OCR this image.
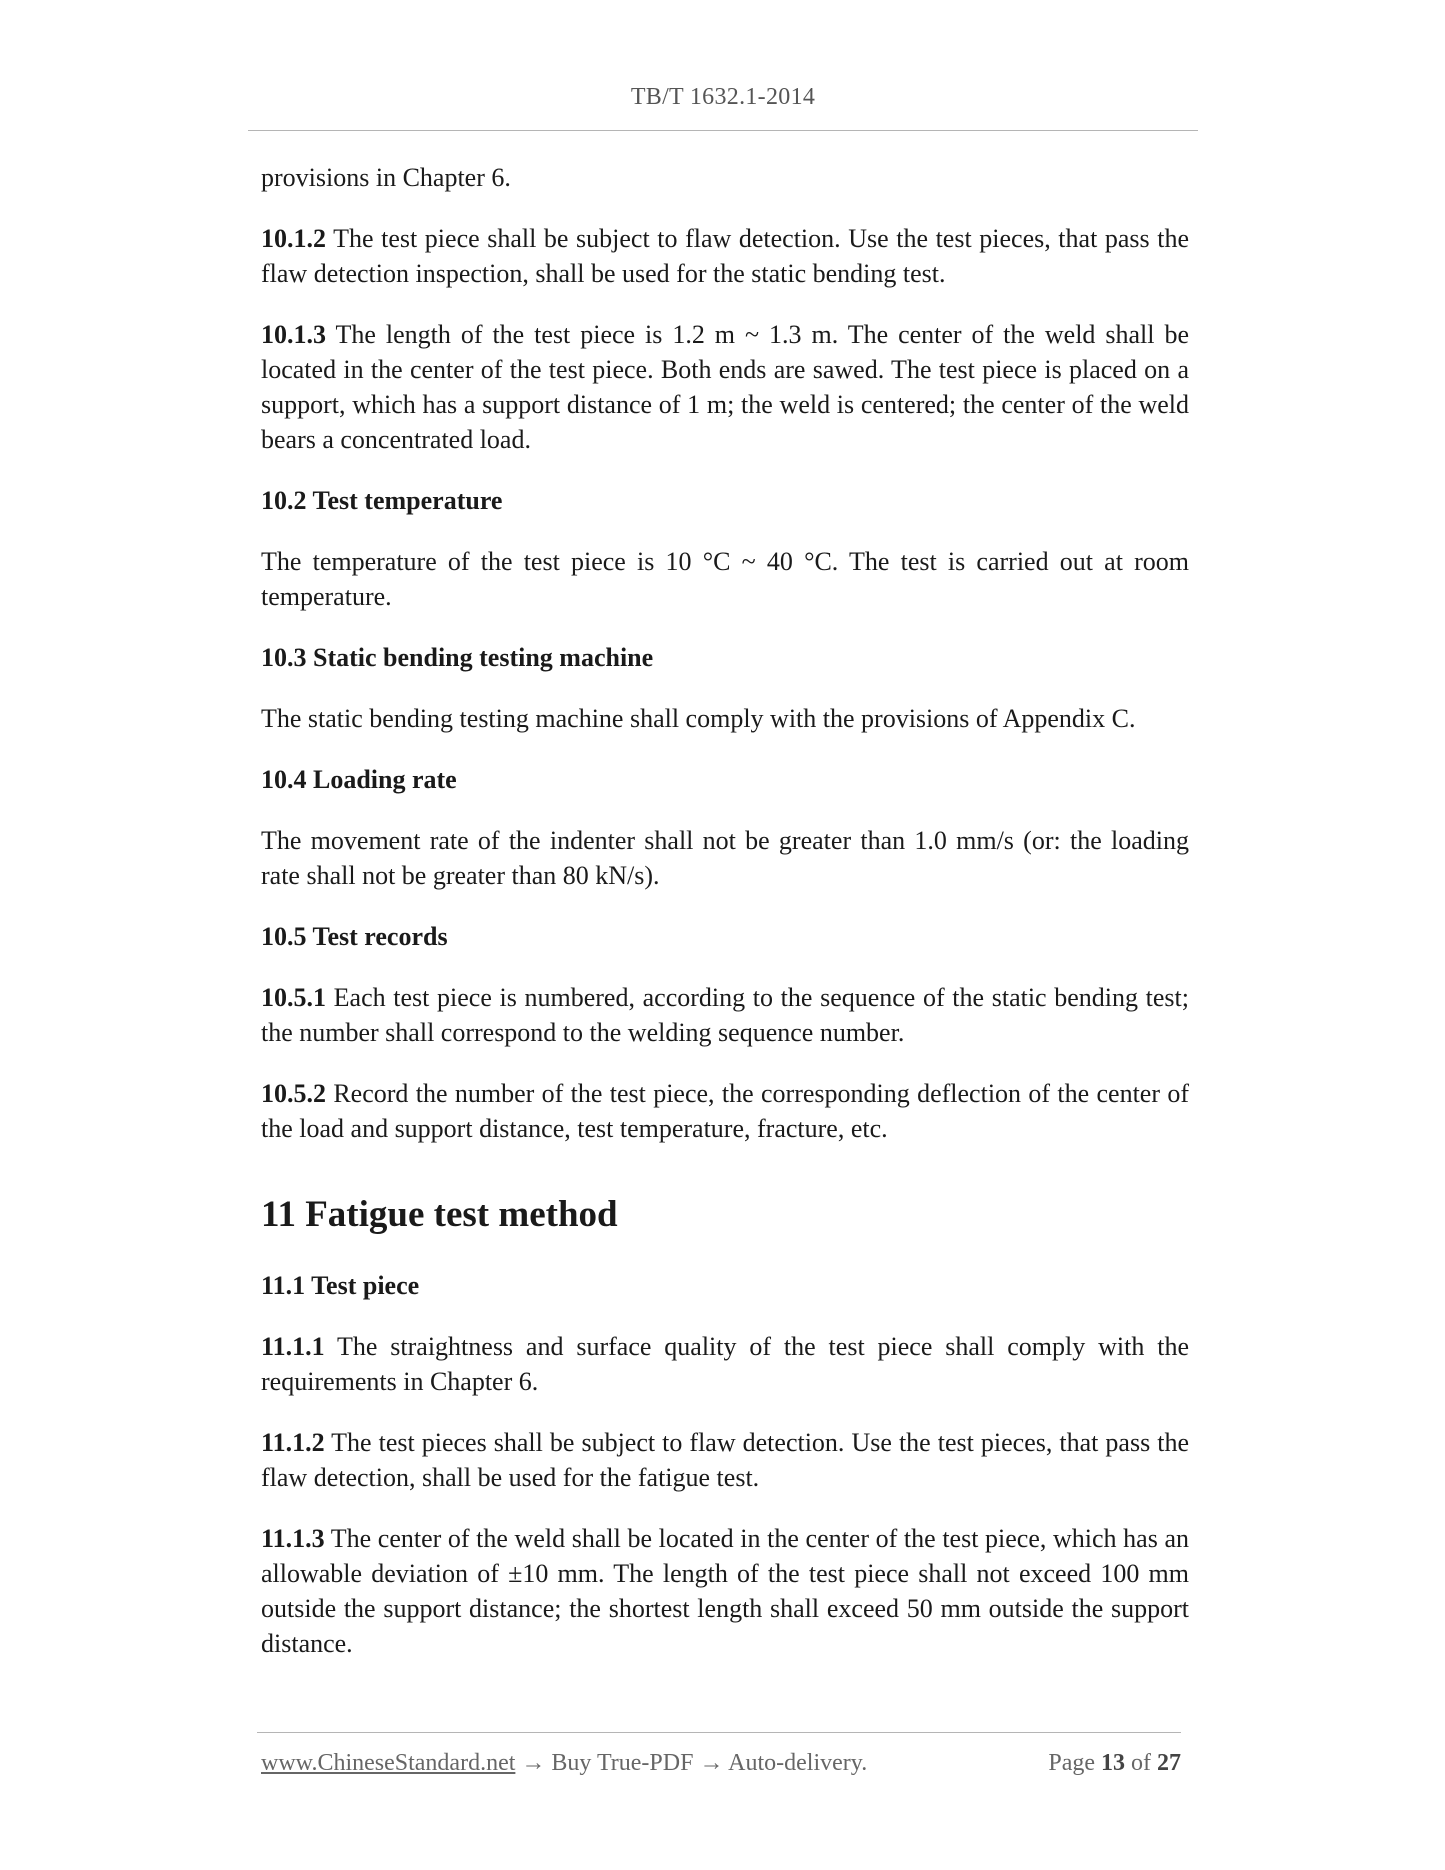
TB/T 1632.1-2014

provisions in Chapter 6.

10.1.2 The test piece shall be subject to flaw detection. Use the test pieces, that pass the flaw detection inspection, shall be used for the static bending test.

10.1.3 The length of the test piece is 1.2 m ~ 1.3 m. The center of the weld shall be located in the center of the test piece. Both ends are sawed. The test piece is placed on a support, which has a support distance of 1 m; the weld is centered; the center of the weld bears a concentrated load.

10.2 Test temperature

The temperature of the test piece is 10 °C ~ 40 °C. The test is carried out at room temperature.

10.3 Static bending testing machine

The static bending testing machine shall comply with the provisions of Appendix C.

10.4 Loading rate

The movement rate of the indenter shall not be greater than 1.0 mm/s (or: the loading rate shall not be greater than 80 kN/s).

10.5 Test records

10.5.1 Each test piece is numbered, according to the sequence of the static bending test; the number shall correspond to the welding sequence number.

10.5.2 Record the number of the test piece, the corresponding deflection of the center of the load and support distance, test temperature, fracture, etc.

11 Fatigue test method
11.1 Test piece

11.1.1 The straightness and surface quality of the test piece shall comply with the requirements in Chapter 6.

11.1.2 The test pieces shall be subject to flaw detection. Use the test pieces, that pass the flaw detection, shall be used for the fatigue test.

11.1.3 The center of the weld shall be located in the center of the test piece, which has an allowable deviation of ±10 mm. The length of the test piece shall not exceed 100 mm outside the support distance; the shortest length shall exceed 50 mm outside the support distance.

www.ChineseStandard.net → Buy True-PDF → Auto-delivery.	Page 13 of 27
